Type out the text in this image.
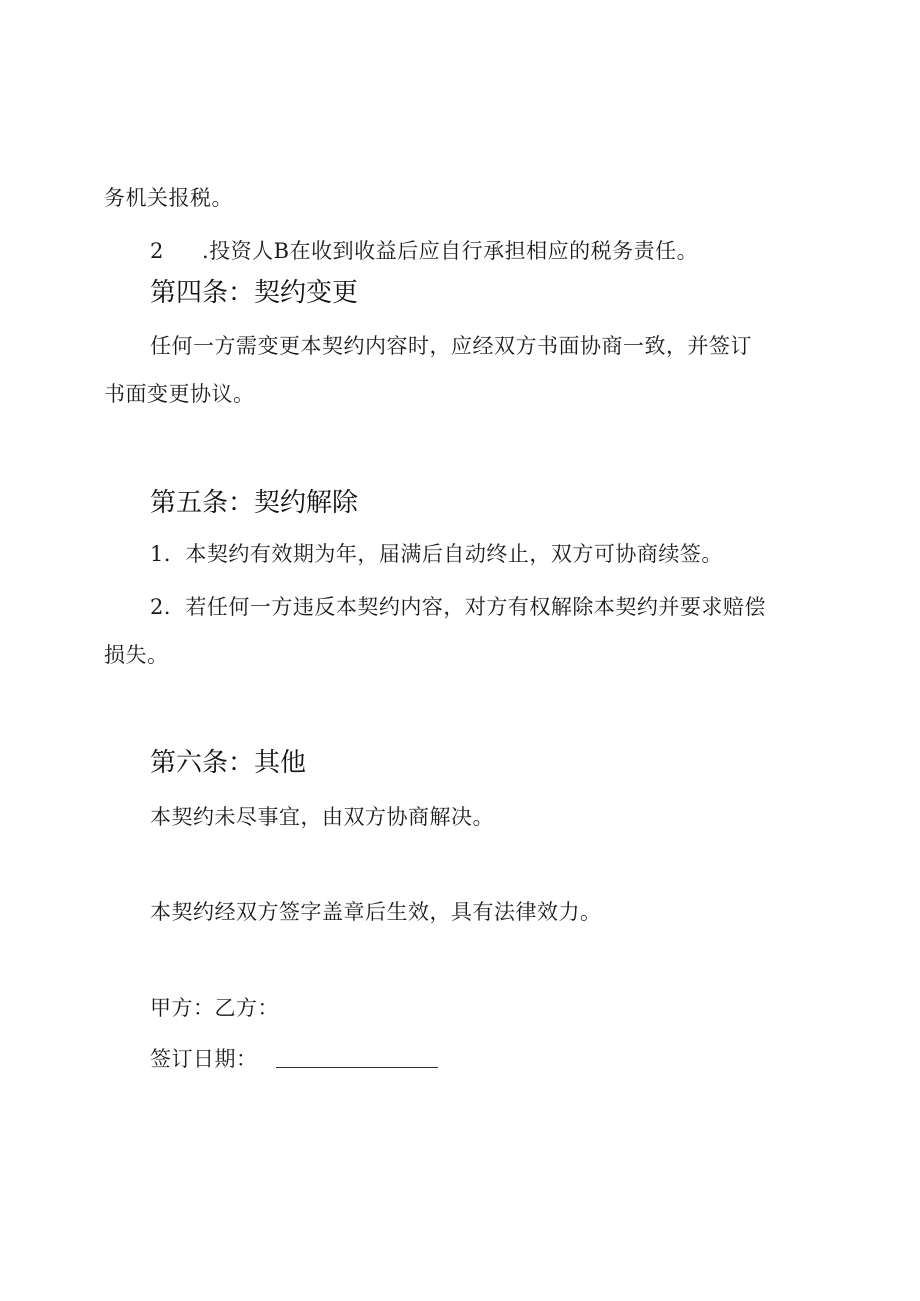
务机关报税。
2 .投资人B在收到收益后应自行承担相应的税务责任。
第四条：契约变更
任何一方需变更本契约内容时，应经双方书面协商一致，并签订
书面变更协议。
第五条：契约解除
1．本契约有效期为年，届满后自动终止，双方可协商续签。
2．若任何一方违反本契约内容，对方有权解除本契约并要求赔偿
损失。
第六条：其他
本契约未尽事宜，由双方协商解决。
本契约经双方签字盖章后生效，具有法律效力。
甲方：乙方：
签订日期：
